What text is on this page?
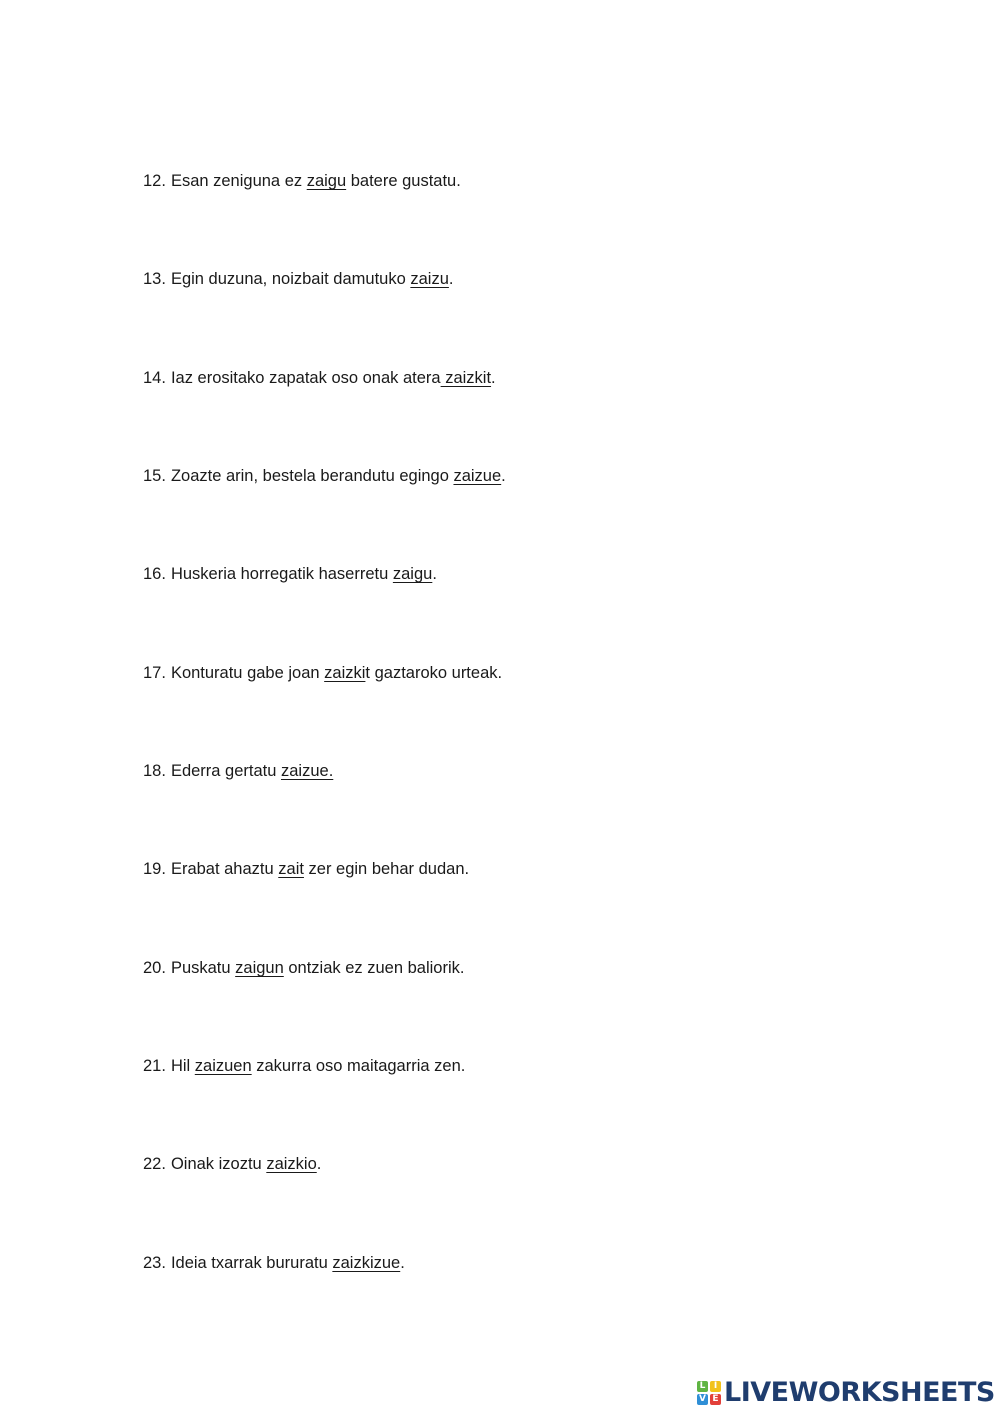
12. Esan zeniguna ez zaigu batere gustatu.
13. Egin duzuna, noizbait damutuko zaizu.
14. Iaz erositako zapatak oso onak atera zaizkit.
15. Zoazte arin, bestela berandutu egingo zaizue.
16. Huskeria horregatik haserretu zaigu.
17. Konturatu gabe joan zaizkit gaztaroko urteak.
18. Ederra gertatu zaizue.
19. Erabat ahaztu zait zer egin behar dudan.
20. Puskatu zaigun ontziak ez zuen baliorik.
21. Hil zaizuen zakurra oso maitagarria zen.
22. Oinak izoztu zaizkio.
23. Ideia txarrak bururatu zaizkizue.
L I
V E LIVEWORKSHEETS
